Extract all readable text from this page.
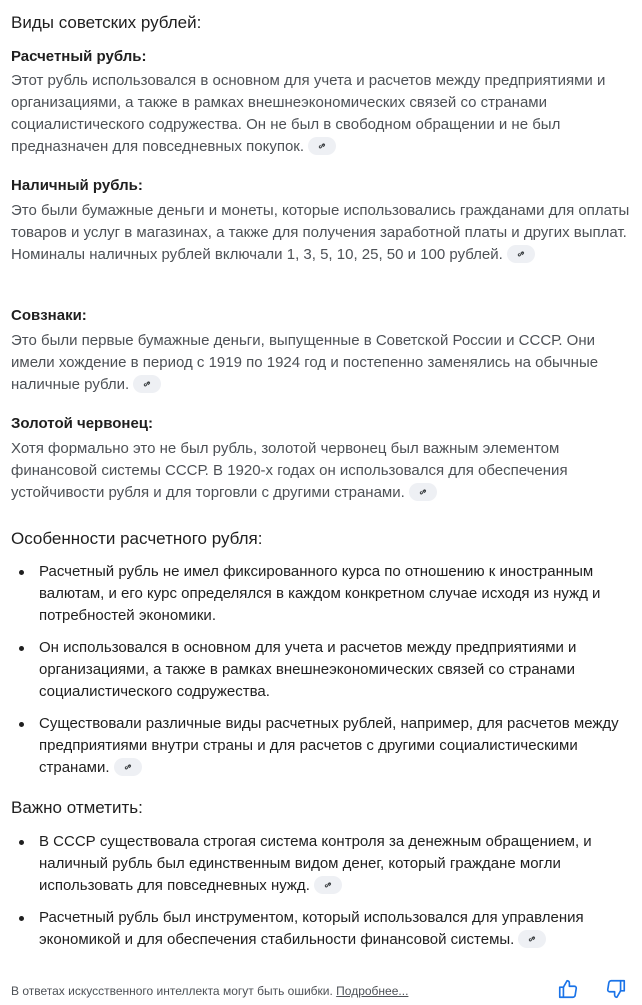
Виды советских рублей:
Расчетный рубль:

Этот рубль использовался в основном для учета и расчетов между предприятиями и организациями, а также в рамках внешнеэкономических связей со странами социалистического содружества. Он не был в свободном обращении и не был предназначен для повседневных покупок.

Наличный рубль:

Это были бумажные деньги и монеты, которые использовались гражданами для оплаты товаров и услуг в магазинах, а также для получения заработной платы и других выплат. Номиналы наличных рублей включали 1, 3, 5, 10, 25, 50 и 100 рублей.

Совзнаки:

Это были первые бумажные деньги, выпущенные в Советской России и СССР. Они имели хождение в период с 1919 по 1924 год и постепенно заменялись на обычные наличные рубли.

Золотой червонец:

Хотя формально это не был рубль, золотой червонец был важным элементом финансовой системы СССР. В 1920-х годах он использовался для обеспечения устойчивости рубля и для торговли с другими странами.

Особенности расчетного рубля:
Расчетный рубль не имел фиксированного курса по отношению к иностранным валютам, и его курс определялся в каждом конкретном случае исходя из нужд и потребностей экономики.
Он использовался в основном для учета и расчетов между предприятиями и организациями, а также в рамках внешнеэкономических связей со странами социалистического содружества.
Существовали различные виды расчетных рублей, например, для расчетов между предприятиями внутри страны и для расчетов с другими социалистическими странами.
Важно отметить:
В СССР существовала строгая система контроля за денежным обращением, и наличный рубль был единственным видом денег, который граждане могли использовать для повседневных нужд.
Расчетный рубль был инструментом, который использовался для управления экономикой и для обеспечения стабильности финансовой системы.

В ответах искусственного интеллекта могут быть ошибки. Подробнее...
